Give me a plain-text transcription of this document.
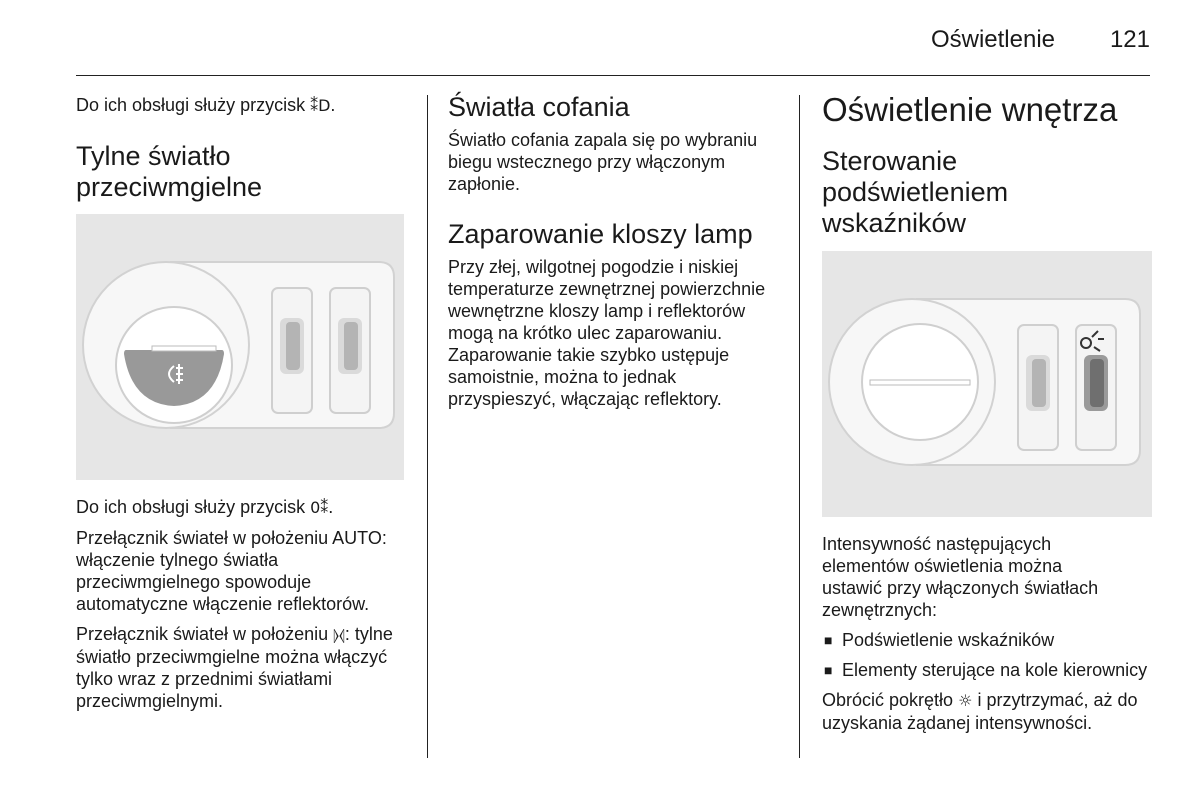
Oświetlenie 121

Do ich obsługi służy przycisk ⁑D.

Tylne światło przeciwmgielne

Do ich obsługi służy przycisk 0⁑.

Przełącznik świateł w położeniu AUTO: włączenie tylnego światła przeciwmgielnego spowoduje automatyczne włączenie reflektorów.

Przełącznik świateł w położeniu ⦊⦉: tylne światło przeciwmgielne można włączyć tylko wraz z przednimi światłami przeciwmgielnymi.

Światła cofania

Światło cofania zapala się po wybraniu biegu wstecznego przy włączonym zapłonie.

Zaparowanie kloszy lamp

Przy złej, wilgotnej pogodzie i niskiej temperaturze zewnętrznej powierzchnie wewnętrzne kloszy lamp i reflektorów mogą na krótko ulec zaparowaniu. Zaparowanie takie szybko ustępuje samoistnie, można to jednak przyspieszyć, włączając reflektory.

Oświetlenie wnętrza
Sterowanie podświetleniem wskaźników

Intensywność następujących elementów oświetlenia można ustawić przy włączonych światłach zewnętrznych:

■ Podświetlenie wskaźników
■ Elementy sterujące na kole kierownicy

Obrócić pokrętło ☼ i przytrzymać, aż do uzyskania żądanej intensywności.
